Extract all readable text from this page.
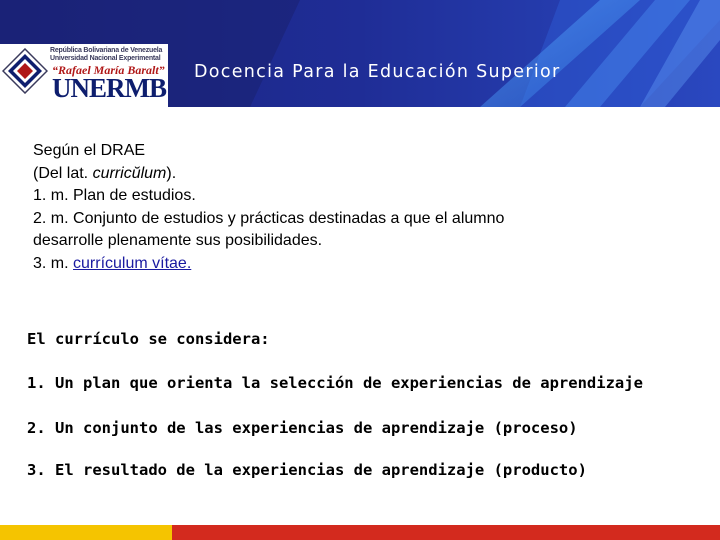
República Bolivariana de Venezuela
Universidad Nacional Experimental
“Rafael María Baralt”
UNERMB
Docencia Para la Educación Superior
Según el DRAE
(Del lat. curricŭlum).
1. m. Plan de estudios.
2. m. Conjunto de estudios y prácticas destinadas a que el alumno
desarrolle plenamente sus posibilidades.
3. m. currículum vítae.
El currículo se considera:
1. Un plan que orienta la selección de experiencias de aprendizaje
2. Un conjunto de las experiencias de aprendizaje (proceso)
3. El resultado de la experiencias de aprendizaje (producto)
